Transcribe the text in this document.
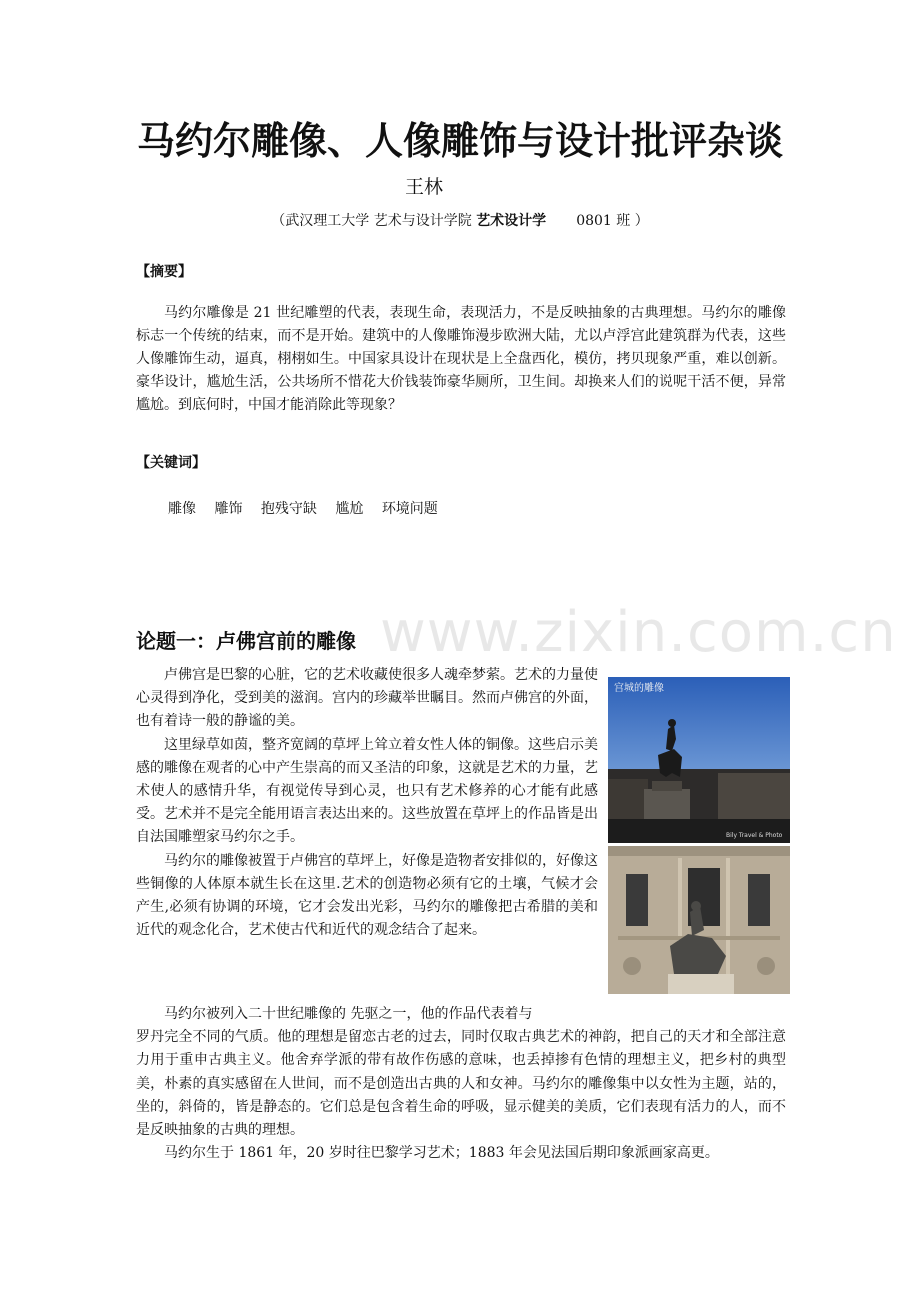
马约尔雕像、人像雕饰与设计批评杂谈
王林
（武汉理工大学 艺术与设计学院 艺术设计学 0801 班 ）
【摘要】

马约尔雕像是 21 世纪雕塑的代表，表现生命，表现活力，不是反映抽象的古典理想。马约尔的雕像标志一个传统的结束，而不是开始。建筑中的人像雕饰漫步欧洲大陆，尤以卢浮宫此建筑群为代表，这些人像雕饰生动，逼真，栩栩如生。中国家具设计在现状是上全盘西化，模仿，拷贝现象严重，难以创新。豪华设计，尴尬生活，公共场所不惜花大价钱装饰豪华厕所，卫生间。却换来人们的说呢干活不便，异常尴尬。到底何时，中国才能消除此等现象？

【关键词】
雕像 雕饰 抱残守缺 尴尬 环境问题
www.zixin.com.cn
论题一：卢佛宫前的雕像

卢佛宫是巴黎的心脏，它的艺术收藏使很多人魂牵梦萦。艺术的力量使心灵得到净化，受到美的滋润。宫内的珍藏举世瞩目。然而卢佛宫的外面，也有着诗一般的静谧的美。

这里绿草如茵，整齐宽阔的草坪上耸立着女性人体的铜像。这些启示美感的雕像在观者的心中产生崇高的而又圣洁的印象，这就是艺术的力量，艺术使人的感情升华，有视觉传导到心灵，也只有艺术修养的心才能有此感受。艺术并不是完全能用语言表达出来的。这些放置在草坪上的作品皆是出自法国雕塑家马约尔之手。

马约尔的雕像被置于卢佛宫的草坪上，好像是造物者安排似的，好像这些铜像的人体原本就生长在这里.艺术的创造物必须有它的土壤，气候才会产生,必须有协调的环境，它才会发出光彩，马约尔的雕像把古希腊的美和近代的观念化合，艺术使古代和近代的观念结合了起来。

马约尔被列入二十世纪雕像的 先驱之一，他的作品代表着与

罗丹完全不同的气质。他的理想是留恋古老的过去，同时仅取古典艺术的神韵，把自己的天才和全部注意力用于重申古典主义。他舍弃学派的带有故作伤感的意味，也丢掉掺有色情的理想主义，把乡村的典型美，朴素的真实感留在人世间，而不是创造出古典的人和女神。马约尔的雕像集中以女性为主题，站的，坐的，斜倚的，皆是静态的。它们总是包含着生命的呼吸，显示健美的美质，它们表现有活力的人，而不是反映抽象的古典的理想。

马约尔生于 1861 年，20 岁时往巴黎学习艺术；1883 年会见法国后期印象派画家高更。

宫城的雕像
Bily Travel & Photo
